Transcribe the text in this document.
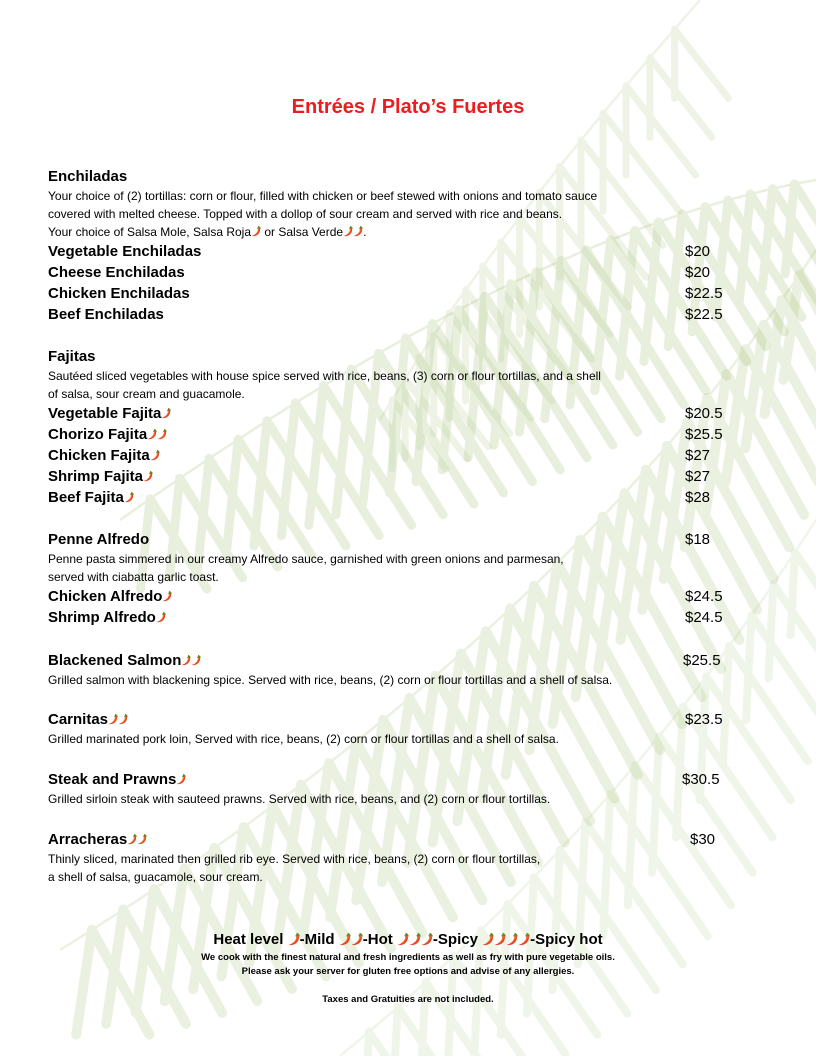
Entrées / Plato’s Fuertes
Enchiladas
Your choice of (2) tortillas: corn or flour, filled with chicken or beef stewed with onions and tomato sauce
covered with melted cheese. Topped with a dollop of sour cream and served with rice and beans.
Your choice of Salsa Mole, Salsa Roja
or Salsa Verde .
Vegetable Enchiladas	$20
Cheese Enchiladas	$20
Chicken Enchiladas	$22.5
Beef Enchiladas	$22.5
Fajitas
Sautéed sliced vegetables with house spice served with rice, beans, (3) corn or flour tortillas, and a shell
of salsa, sour cream and guacamole.
Vegetable Fajita	$20.5
Chorizo Fajita	$25.5
Chicken Fajita	$27
Shrimp Fajita	$27
Beef Fajita	$28
Penne Alfredo	$18
Penne pasta simmered in our creamy Alfredo sauce, garnished with green onions and parmesan,
served with ciabatta garlic toast.
Chicken Alfredo	$24.5
Shrimp Alfredo	$24.5
Blackened Salmon	$25.5
Grilled salmon with blackening spice. Served with rice, beans, (2) corn or flour tortillas and a shell of salsa.
Carnitas	$23.5
Grilled marinated pork loin, Served with rice, beans, (2) corn or flour tortillas and a shell of salsa.
Steak and Prawns	$30.5
Grilled sirloin steak with sauteed prawns. Served with rice, beans, and (2) corn or flour tortillas.
Arracheras	$30
Thinly sliced, marinated then grilled rib eye. Served with rice, beans, (2) corn or flour tortillas,
a shell of salsa, guacamole, sour cream.
Heat level
-Mild
-Hot
-Spicy	-Spicy hot
We cook with the finest natural and fresh ingredients as well as fry with pure vegetable oils.
Please ask your server for gluten free options and advise of any allergies.
Taxes and Gratuities are not included.
